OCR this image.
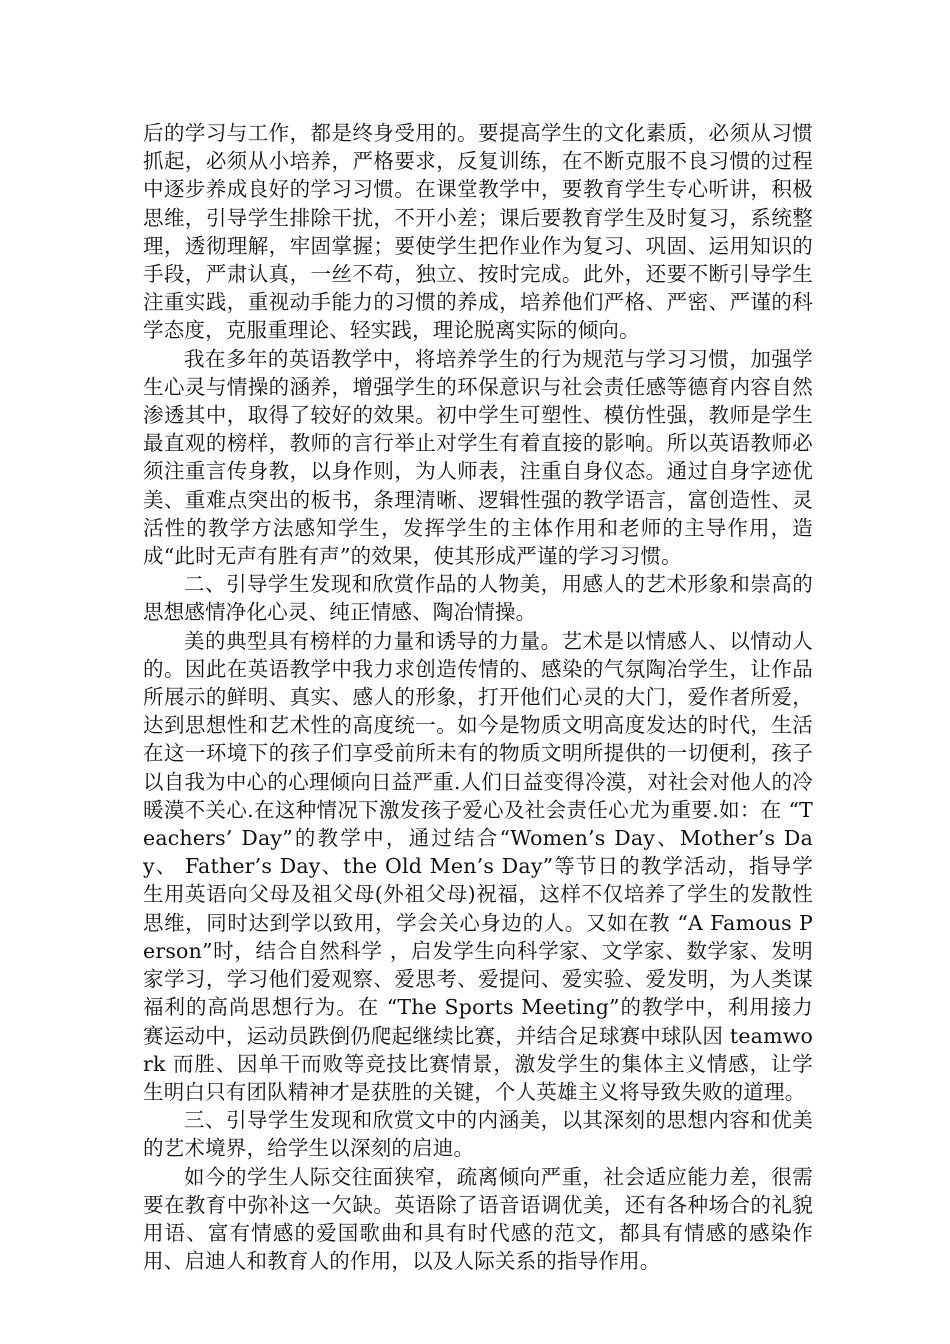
后的学习与工作，都是终身受用的。要提高学生的文化素质，必须从习惯抓起，必须从小培养，严格要求，反复训练，在不断克服不良习惯的过程中逐步养成良好的学习习惯。在课堂教学中，要教育学生专心听讲，积极思维，引导学生排除干扰，不开小差；课后要教育学生及时复习，系统整理，透彻理解，牢固掌握；要使学生把作业作为复习、巩固、运用知识的手段，严肃认真，一丝不苟，独立、按时完成。此外，还要不断引导学生注重实践，重视动手能力的习惯的养成，培养他们严格、严密、严谨的科学态度，克服重理论、轻实践，理论脱离实际的倾向。

我在多年的英语教学中，将培养学生的行为规范与学习习惯，加强学生心灵与情操的涵养，增强学生的环保意识与社会责任感等德育内容自然渗透其中，取得了较好的效果。初中学生可塑性、模仿性强，教师是学生最直观的榜样，教师的言行举止对学生有着直接的影响。所以英语教师必须注重言传身教，以身作则，为人师表，注重自身仪态。通过自身字迹优美、重难点突出的板书，条理清晰、逻辑性强的教学语言，富创造性、灵活性的教学方法感知学生，发挥学生的主体作用和老师的主导作用，造成“此时无声有胜有声”的效果，使其形成严谨的学习习惯。

二、引导学生发现和欣赏作品的人物美，用感人的艺术形象和崇高的思想感情净化心灵、纯正情感、陶冶情操。

美的典型具有榜样的力量和诱导的力量。艺术是以情感人、以情动人的。因此在英语教学中我力求创造传情的、感染的气氛陶冶学生，让作品所展示的鲜明、真实、感人的形象，打开他们心灵的大门，爱作者所爱，达到思想性和艺术性的高度统一。如今是物质文明高度发达的时代，生活在这一环境下的孩子们享受前所未有的物质文明所提供的一切便利，孩子以自我为中心的心理倾向日益严重.人们日益变得冷漠，对社会对他人的冷暖漠不关心.在这种情况下激发孩子爱心及社会责任心尤为重要.如：在 “Teachers’ Day”的教学中，通过结合“Women’s Day、Mother’s Day、 Father’s Day、the Old Men’s Day”等节日的教学活动，指导学生用英语向父母及祖父母(外祖父母)祝福，这样不仅培养了学生的发散性思维，同时达到学以致用，学会关心身边的人。又如在教 “A Famous Person”时，结合自然科学 ，启发学生向科学家、文学家、数学家、发明家学习，学习他们爱观察、爱思考、爱提问、爱实验、爱发明，为人类谋福利的高尚思想行为。在 “The Sports Meeting”的教学中，利用接力赛运动中，运动员跌倒仍爬起继续比赛，并结合足球赛中球队因 teamwork 而胜、因单干而败等竞技比赛情景，激发学生的集体主义情感，让学生明白只有团队精神才是获胜的关键，个人英雄主义将导致失败的道理。

三、引导学生发现和欣赏文中的内涵美，以其深刻的思想内容和优美的艺术境界，给学生以深刻的启迪。

如今的学生人际交往面狭窄，疏离倾向严重，社会适应能力差，很需要在教育中弥补这一欠缺。英语除了语音语调优美，还有各种场合的礼貌用语、富有情感的爱国歌曲和具有时代感的范文，都具有情感的感染作用、启迪人和教育人的作用，以及人际关系的指导作用。
